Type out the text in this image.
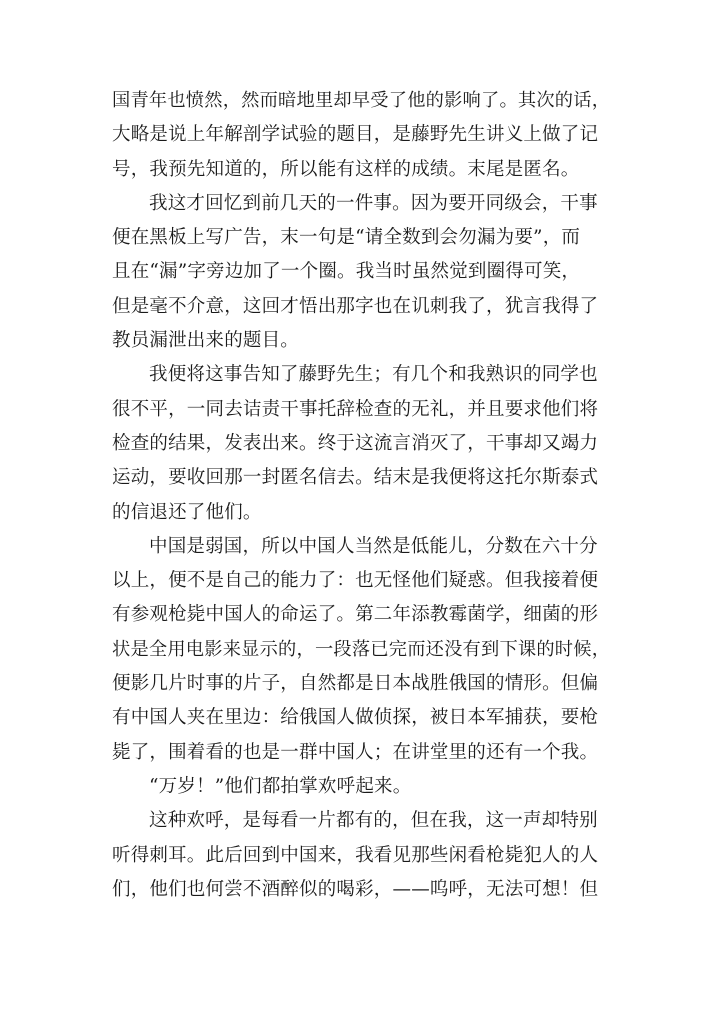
国青年也愤然，然而暗地里却早受了他的影响了。其次的话，
大略是说上年解剖学试验的题目，是藤野先生讲义上做了记
号，我预先知道的，所以能有这样的成绩。末尾是匿名。
我这才回忆到前几天的一件事。因为要开同级会，干事
便在黑板上写广告，末一句是“请全数到会勿漏为要”，而
且在“漏”字旁边加了一个圈。我当时虽然觉到圈得可笑，
但是毫不介意，这回才悟出那字也在讥刺我了，犹言我得了
教员漏泄出来的题目。
我便将这事告知了藤野先生；有几个和我熟识的同学也
很不平，一同去诘责干事托辞检查的无礼，并且要求他们将
检查的结果，发表出来。终于这流言消灭了，干事却又竭力
运动，要收回那一封匿名信去。结末是我便将这托尔斯泰式
的信退还了他们。
中国是弱国，所以中国人当然是低能儿，分数在六十分
以上，便不是自己的能力了：也无怪他们疑惑。但我接着便
有参观枪毙中国人的命运了。第二年添教霉菌学，细菌的形
状是全用电影来显示的，一段落已完而还没有到下课的时候，
便影几片时事的片子，自然都是日本战胜俄国的情形。但偏
有中国人夹在里边：给俄国人做侦探，被日本军捕获，要枪
毙了，围着看的也是一群中国人；在讲堂里的还有一个我。
“万岁！”他们都拍掌欢呼起来。
这种欢呼，是每看一片都有的，但在我，这一声却特别
听得刺耳。此后回到中国来，我看见那些闲看枪毙犯人的人
们，他们也何尝不酒醉似的喝彩，——呜呼，无法可想！但
